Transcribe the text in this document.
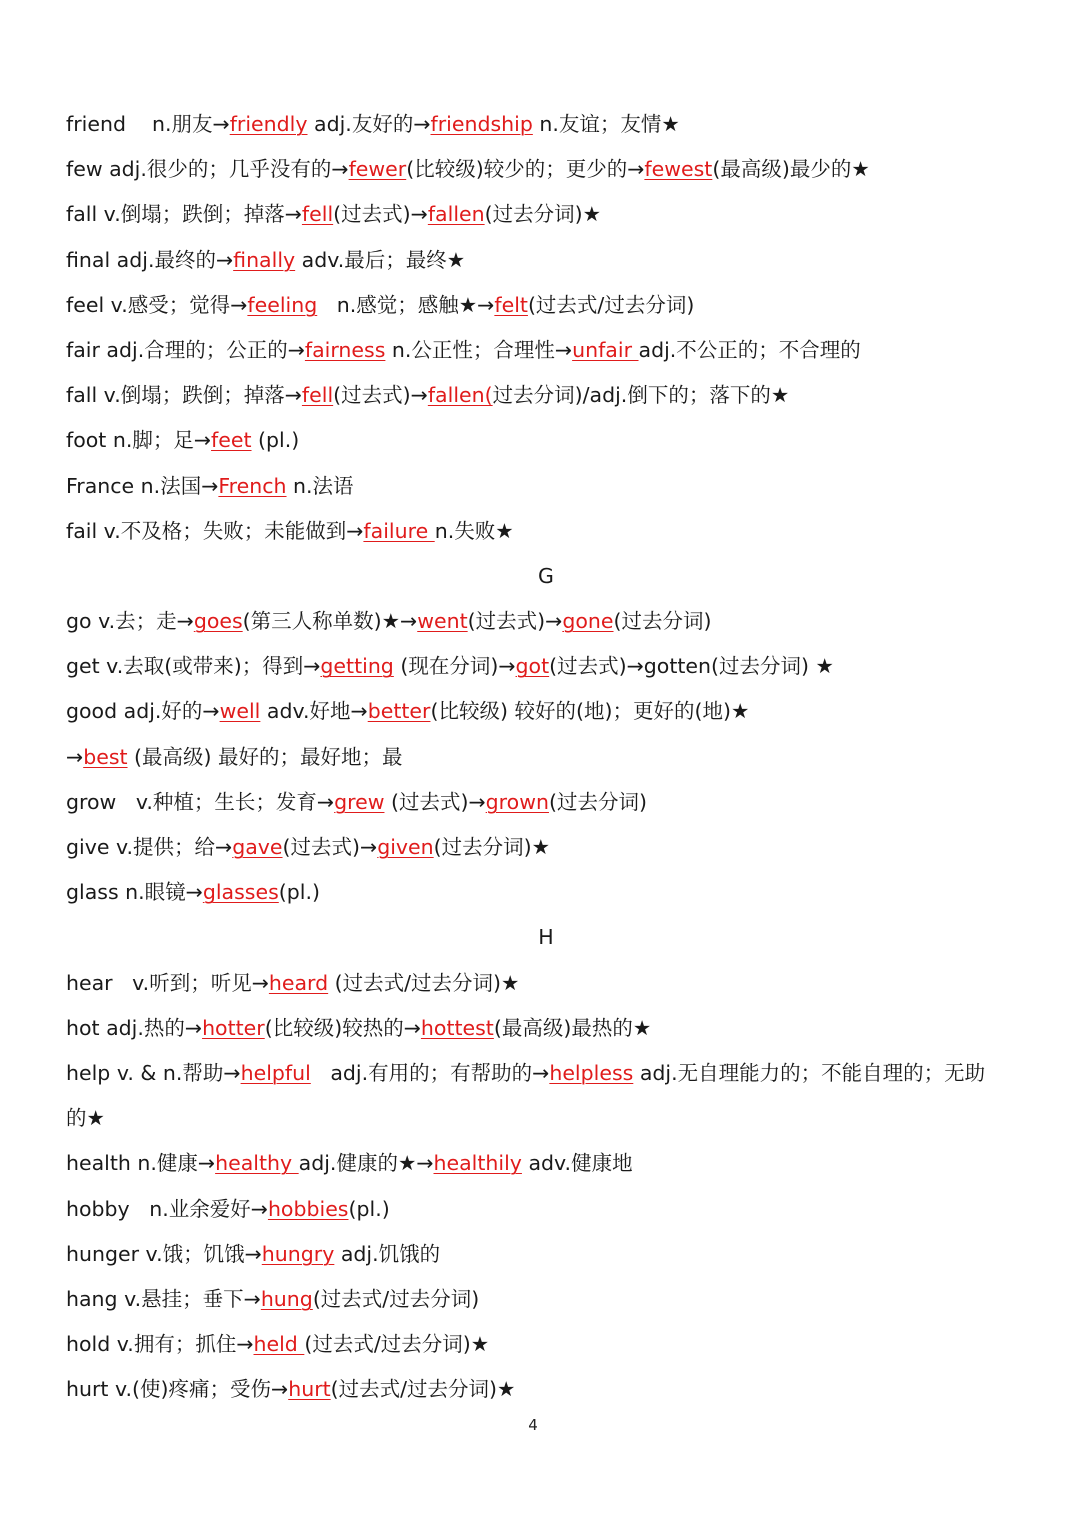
friend    n.朋友→friendly adj.友好的→friendship n.友谊；友情★
few adj.很少的；几乎没有的→fewer(比较级)较少的；更少的→fewest(最高级)最少的★
fall v.倒塌；跌倒；掉落→fell(过去式)→fallen(过去分词)★
final adj.最终的→finally adv.最后；最终★
feel v.感受；觉得→feeling   n.感觉；感触★→felt(过去式/过去分词)
fair adj.合理的；公正的→fairness n.公正性；合理性→unfair adj.不公正的；不合理的
fall v.倒塌；跌倒；掉落→fell(过去式)→fallen(过去分词)/adj.倒下的；落下的★
foot n.脚；足→feet (pl.)
France n.法国→French n.法语
fail v.不及格；失败；未能做到→failure n.失败★
G
go v.去；走→goes(第三人称单数)★→went(过去式)→gone(过去分词)
get v.去取(或带来)；得到→getting (现在分词)→got(过去式)→gotten(过去分词) ★
good adj.好的→well adv.好地→better(比较级) 较好的(地)；更好的(地)★
→best (最高级) 最好的；最好地；最
grow   v.种植；生长；发育→grew (过去式)→grown(过去分词)
give v.提供；给→gave(过去式)→given(过去分词)★
glass n.眼镜→glasses(pl.)
H
hear   v.听到；听见→heard (过去式/过去分词)★
hot adj.热的→hotter(比较级)较热的→hottest(最高级)最热的★
help v. & n.帮助→helpful   adj.有用的；有帮助的→helpless adj.无自理能力的；不能自理的；无助
的★
health n.健康→healthy adj.健康的★→healthily adv.健康地
hobby   n.业余爱好→hobbies(pl.)
hunger v.饿；饥饿→hungry adj.饥饿的
hang v.悬挂；垂下→hung(过去式/过去分词)
hold v.拥有；抓住→held (过去式/过去分词)★
hurt v.(使)疼痛；受伤→hurt(过去式/过去分词)★
4
